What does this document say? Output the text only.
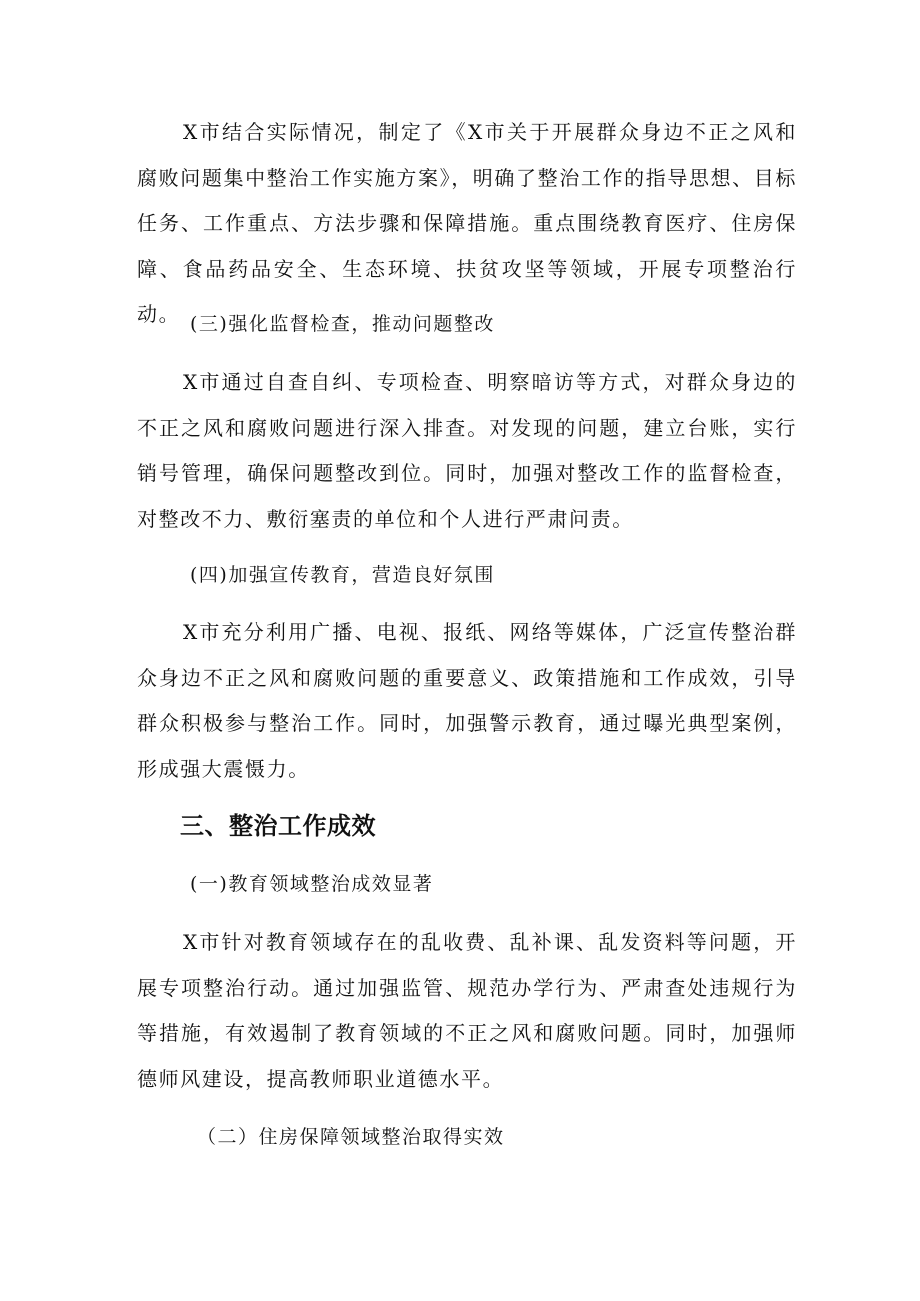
X市结合实际情况，制定了《X市关于开展群众身边不正之风和腐败问题集中整治工作实施方案》，明确了整治工作的指导思想、目标任务、工作重点、方法步骤和保障措施。重点围绕教育医疗、住房保障、食品药品安全、生态环境、扶贫攻坚等领域，开展专项整治行动。 (三)强化监督检查，推动问题整改

X市通过自查自纠、专项检查、明察暗访等方式，对群众身边的不正之风和腐败问题进行深入排查。对发现的问题，建立台账，实行销号管理，确保问题整改到位。同时，加强对整改工作的监督检查，对整改不力、敷衍塞责的单位和个人进行严肃问责。

(四)加强宣传教育，营造良好氛围

X市充分利用广播、电视、报纸、网络等媒体，广泛宣传整治群众身边不正之风和腐败问题的重要意义、政策措施和工作成效，引导群众积极参与整治工作。同时，加强警示教育，通过曝光典型案例，形成强大震慑力。

三、整治工作成效

(一)教育领域整治成效显著

X市针对教育领域存在的乱收费、乱补课、乱发资料等问题，开展专项整治行动。通过加强监管、规范办学行为、严肃查处违规行为等措施，有效遏制了教育领域的不正之风和腐败问题。同时，加强师德师风建设，提高教师职业道德水平。

（二）住房保障领域整治取得实效
